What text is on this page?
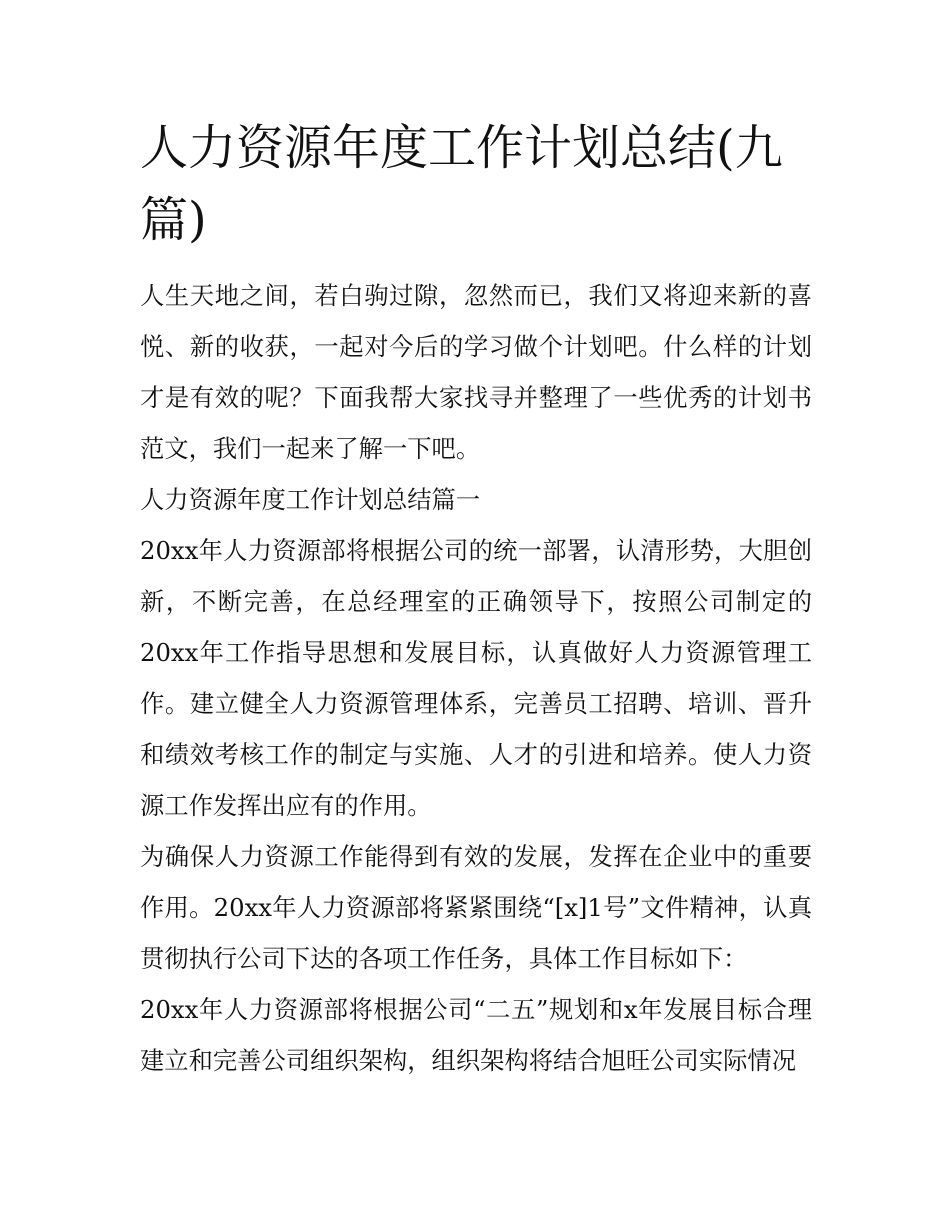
人力资源年度工作计划总结(九篇)

人生天地之间，若白驹过隙，忽然而已，我们又将迎来新的喜悦、新的收获，一起对今后的学习做个计划吧。什么样的计划才是有效的呢？下面我帮大家找寻并整理了一些优秀的计划书范文，我们一起来了解一下吧。

人力资源年度工作计划总结篇一

20xx年人力资源部将根据公司的统一部署，认清形势，大胆创新，不断完善，在总经理室的正确领导下，按照公司制定的20xx年工作指导思想和发展目标，认真做好人力资源管理工作。建立健全人力资源管理体系，完善员工招聘、培训、晋升和绩效考核工作的制定与实施、人才的引进和培养。使人力资源工作发挥出应有的作用。

为确保人力资源工作能得到有效的发展，发挥在企业中的重要作用。20xx年人力资源部将紧紧围绕“[x]1号”文件精神，认真贯彻执行公司下达的各项工作任务，具体工作目标如下：

20xx年人力资源部将根据公司“二五”规划和x年发展目标合理建立和完善公司组织架构，组织架构将结合旭旺公司实际情况
